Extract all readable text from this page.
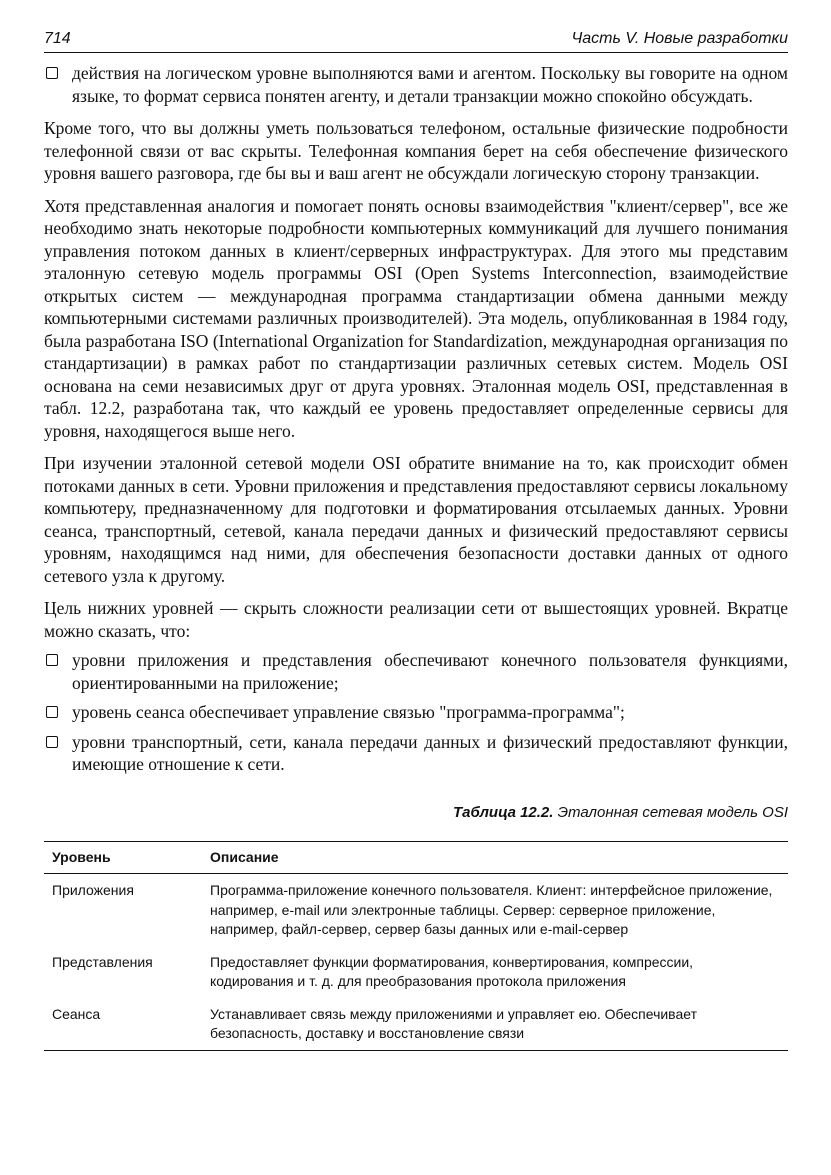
714	Часть V. Новые разработки
действия на логическом уровне выполняются вами и агентом. Поскольку вы говорите на одном языке, то формат сервиса понятен агенту, и детали транзакции можно спокойно обсуждать.

Кроме того, что вы должны уметь пользоваться телефоном, остальные физические подробности телефонной связи от вас скрыты. Телефонная компания берет на себя обеспечение физического уровня вашего разговора, где бы вы и ваш агент не обсуждали логическую сторону транзакции.

Хотя представленная аналогия и помогает понять основы взаимодействия "клиент/сервер", все же необходимо знать некоторые подробности компьютерных коммуникаций для лучшего понимания управления потоком данных в клиент/серверных инфраструктурах. Для этого мы представим эталонную сетевую модель программы OSI (Open Systems Interconnection, взаимодействие открытых систем — международная программа стандартизации обмена данными между компьютерными системами различных производителей). Эта модель, опубликованная в 1984 году, была разработана ISO (International Organization for Standardization, международная организация по стандартизации) в рамках работ по стандартизации различных сетевых систем. Модель OSI основана на семи независимых друг от друга уровнях. Эталонная модель OSI, представленная в табл. 12.2, разработана так, что каждый ее уровень предоставляет определенные сервисы для уровня, находящегося выше него.

При изучении эталонной сетевой модели OSI обратите внимание на то, как происходит обмен потоками данных в сети. Уровни приложения и представления предоставляют сервисы локальному компьютеру, предназначенному для подготовки и форматирования отсылаемых данных. Уровни сеанса, транспортный, сетевой, канала передачи данных и физический предоставляют сервисы уровням, находящимся над ними, для обеспечения безопасности доставки данных от одного сетевого узла к другому.

Цель нижних уровней — скрыть сложности реализации сети от вышестоящих уровней. Вкратце можно сказать, что:

уровни приложения и представления обеспечивают конечного пользователя функциями, ориентированными на приложение;
уровень сеанса обеспечивает управление связью "программа-программа";
уровни транспортный, сети, канала передачи данных и физический предоставляют функции, имеющие отношение к сети.
Таблица 12.2. Эталонная сетевая модель OSI
Уровень	Описание
Приложения	Программа-приложение конечного пользователя. Клиент: интерфейсное приложение, например, e-mail или электронные таблицы. Сервер: серверное приложение, например, файл-сервер, сервер базы данных или e-mail-сервер
Представления	Предоставляет функции форматирования, конвертирования, компрессии, кодирования и т. д. для преобразования протокола приложения
Сеанса	Устанавливает связь между приложениями и управляет ею. Обеспечивает безопасность, доставку и восстановление связи
